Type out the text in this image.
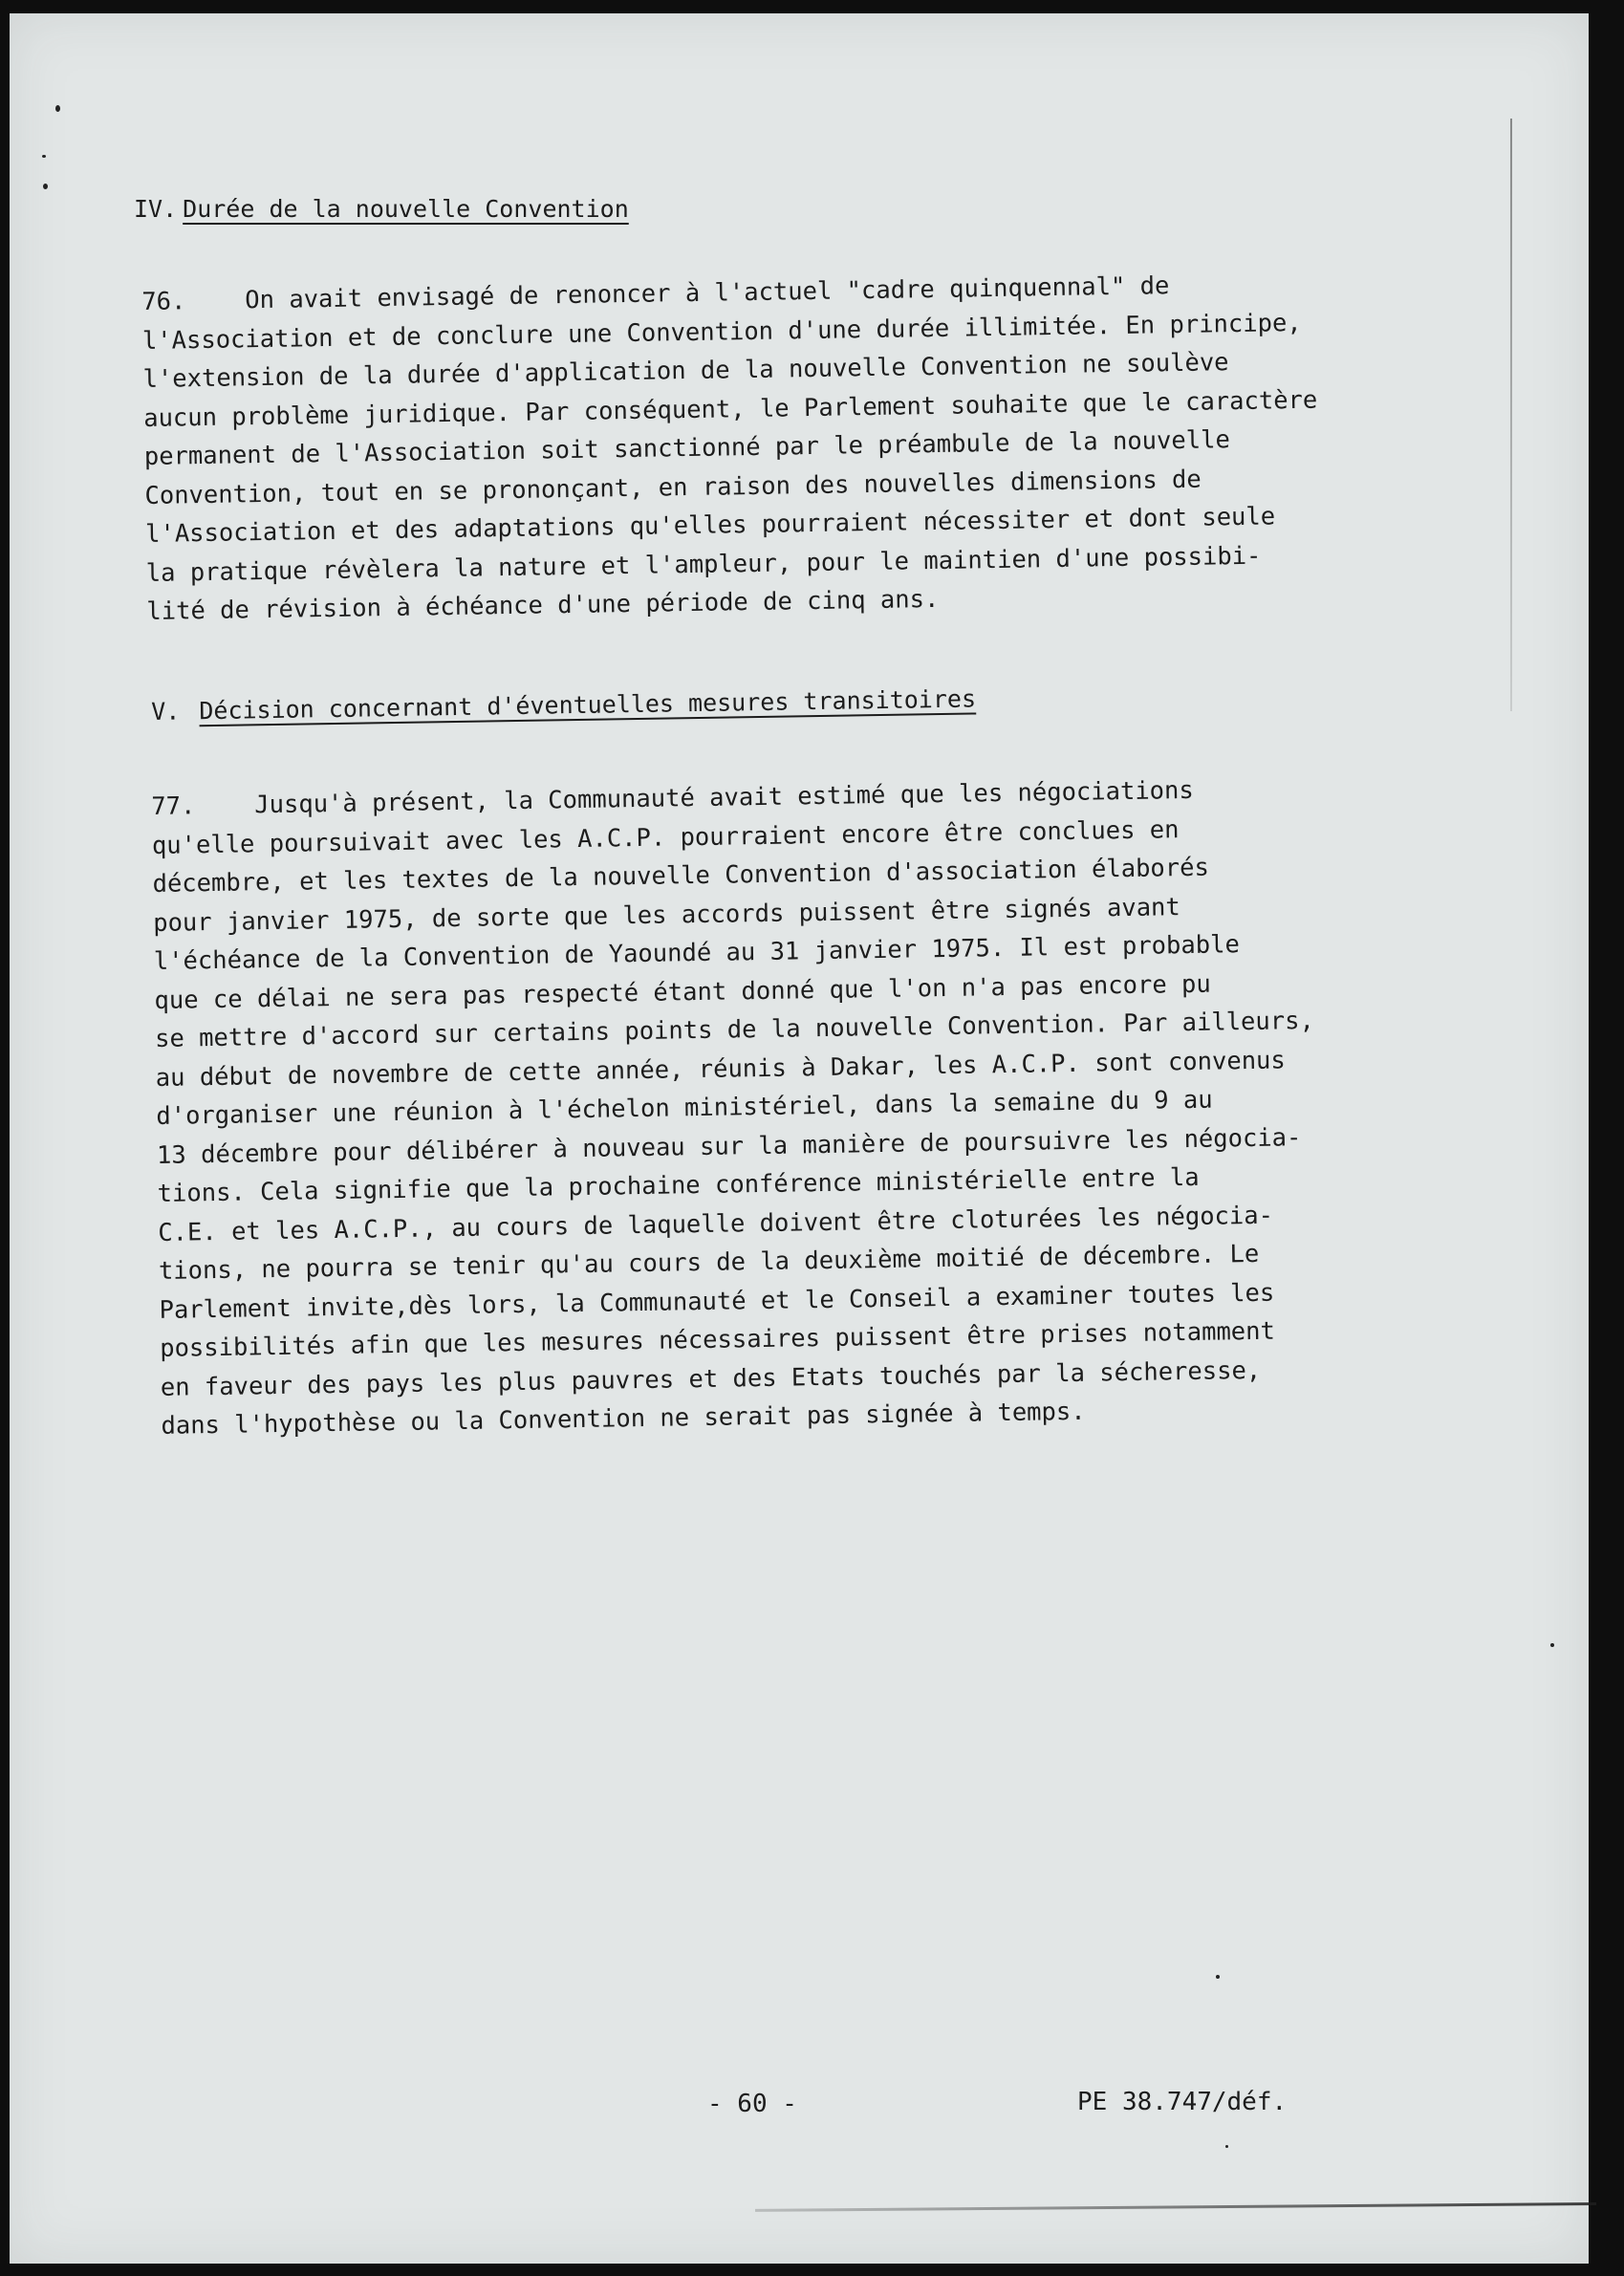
IV. Durée de la nouvelle Convention
76. On avait envisagé de renoncer à l'actuel "cadre quinquennal" de
l'Association et de conclure une Convention d'une durée illimitée. En principe,
l'extension de la durée d'application de la nouvelle Convention ne soulève
aucun problème juridique. Par conséquent, le Parlement souhaite que le caractère
permanent de l'Association soit sanctionné par le préambule de la nouvelle
Convention, tout en se prononçant, en raison des nouvelles dimensions de
l'Association et des adaptations qu'elles pourraient nécessiter et dont seule
la pratique révèlera la nature et l'ampleur, pour le maintien d'une possibi-
lité de révision à échéance d'une période de cinq ans.
V. Décision concernant d'éventuelles mesures transitoires
77. Jusqu'à présent, la Communauté avait estimé que les négociations
qu'elle poursuivait avec les A.C.P. pourraient encore être conclues en
décembre, et les textes de la nouvelle Convention d'association élaborés
pour janvier 1975, de sorte que les accords puissent être signés avant
l'échéance de la Convention de Yaoundé au 31 janvier 1975. Il est probable
que ce délai ne sera pas respecté étant donné que l'on n'a pas encore pu
se mettre d'accord sur certains points de la nouvelle Convention. Par ailleurs,
au début de novembre de cette année, réunis à Dakar, les A.C.P. sont convenus
d'organiser une réunion à l'échelon ministériel, dans la semaine du 9 au
13 décembre pour délibérer à nouveau sur la manière de poursuivre les négocia-
tions. Cela signifie que la prochaine conférence ministérielle entre la
C.E. et les A.C.P., au cours de laquelle doivent être cloturées les négocia-
tions, ne pourra se tenir qu'au cours de la deuxième moitié de décembre. Le
Parlement invite,dès lors, la Communauté et le Conseil a examiner toutes les
possibilités afin que les mesures nécessaires puissent être prises notamment
en faveur des pays les plus pauvres et des Etats touchés par la sécheresse,
dans l'hypothèse ou la Convention ne serait pas signée à temps.
- 60 -	PE 38.747/déf.
